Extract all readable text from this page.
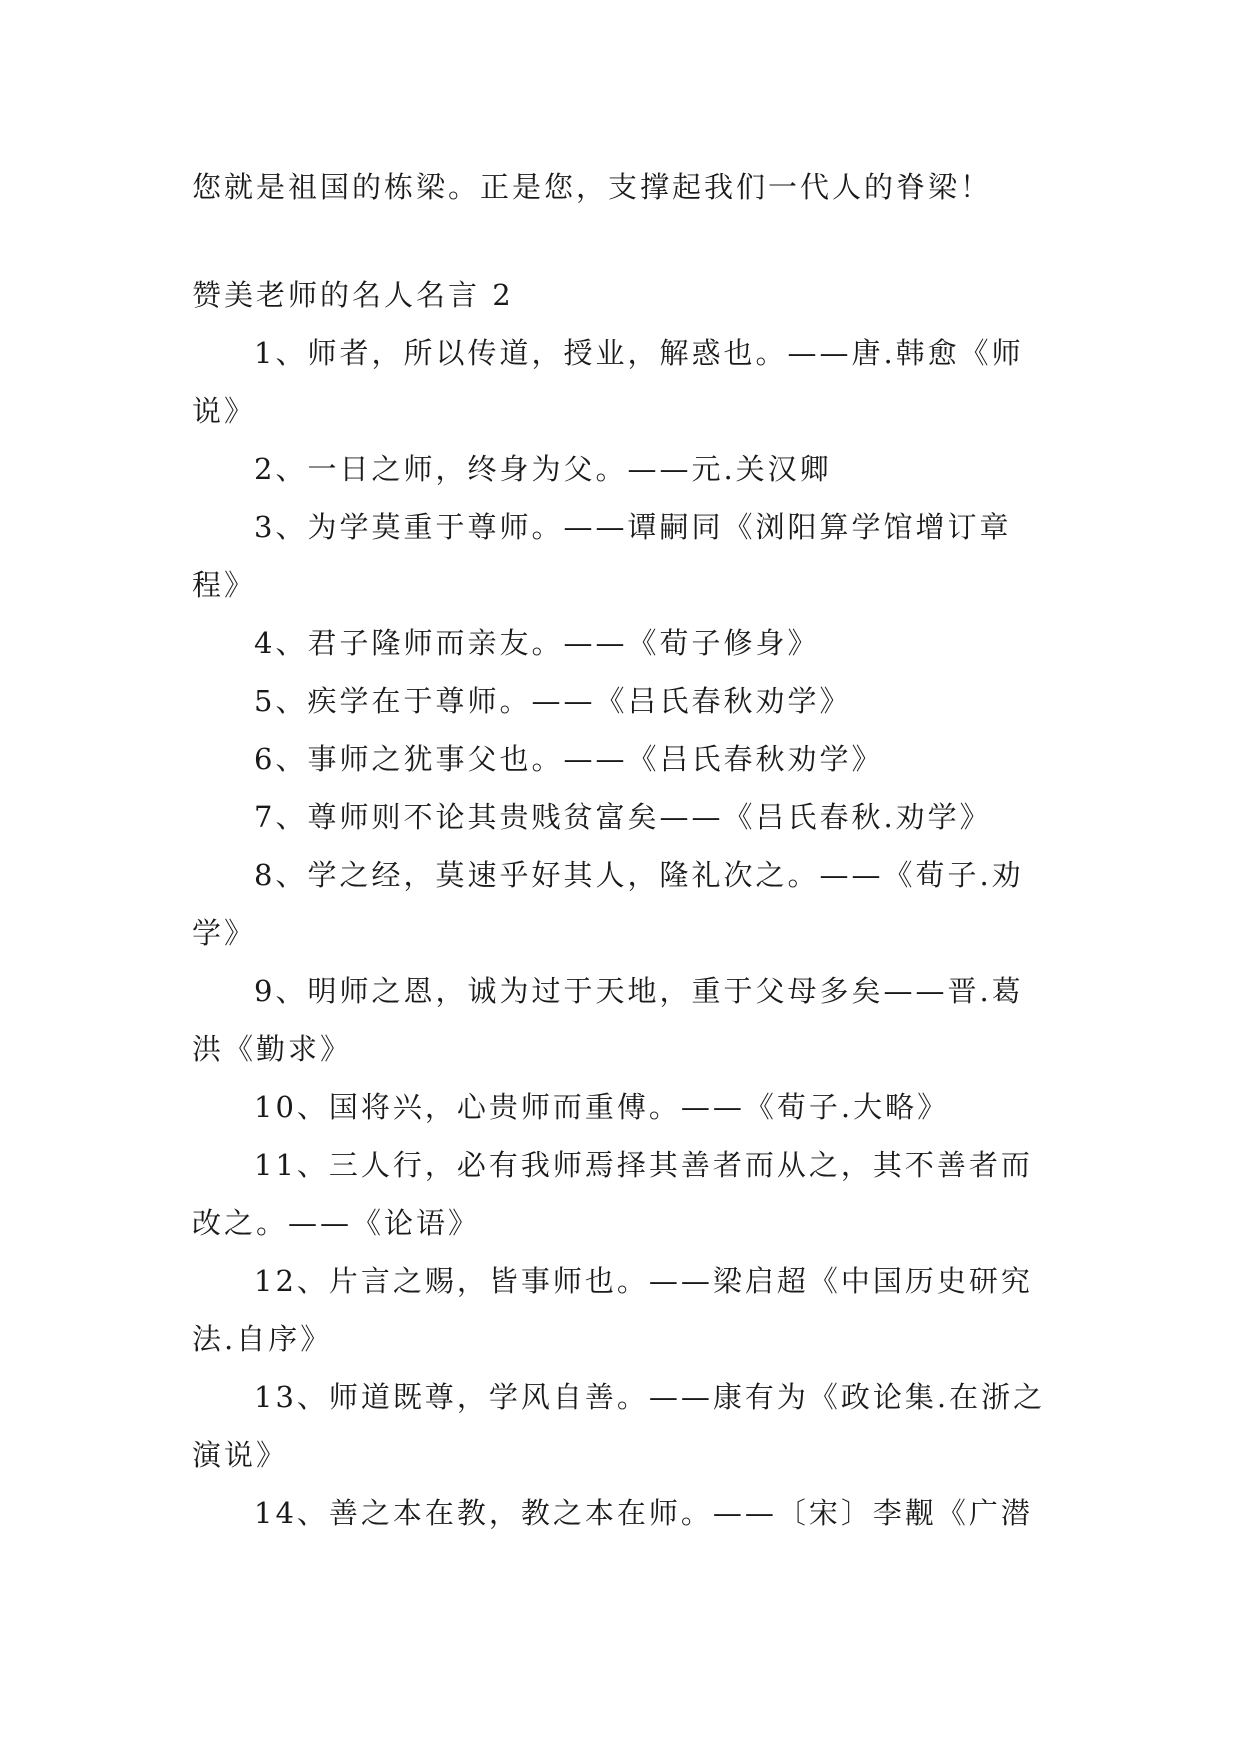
您就是祖国的栋梁。正是您，支撑起我们一代人的脊梁！

赞美老师的名人名言 2

1、师者，所以传道，授业，解惑也。——唐.韩愈《师说》

2、一日之师，终身为父。——元.关汉卿

3、为学莫重于尊师。——谭嗣同《浏阳算学馆增订章程》

4、君子隆师而亲友。——《荀子修身》

5、疾学在于尊师。——《吕氏春秋劝学》

6、事师之犹事父也。——《吕氏春秋劝学》

7、尊师则不论其贵贱贫富矣——《吕氏春秋.劝学》

8、学之经，莫速乎好其人，隆礼次之。——《荀子.劝学》

9、明师之恩，诚为过于天地，重于父母多矣——晋.葛洪《勤求》

10、国将兴，心贵师而重傅。——《荀子.大略》

11、三人行，必有我师焉择其善者而从之，其不善者而改之。——《论语》

12、片言之赐，皆事师也。——梁启超《中国历史研究法.自序》

13、师道既尊，学风自善。——康有为《政论集.在浙之演说》

14、善之本在教，教之本在师。——〔宋〕李觏《广潜
